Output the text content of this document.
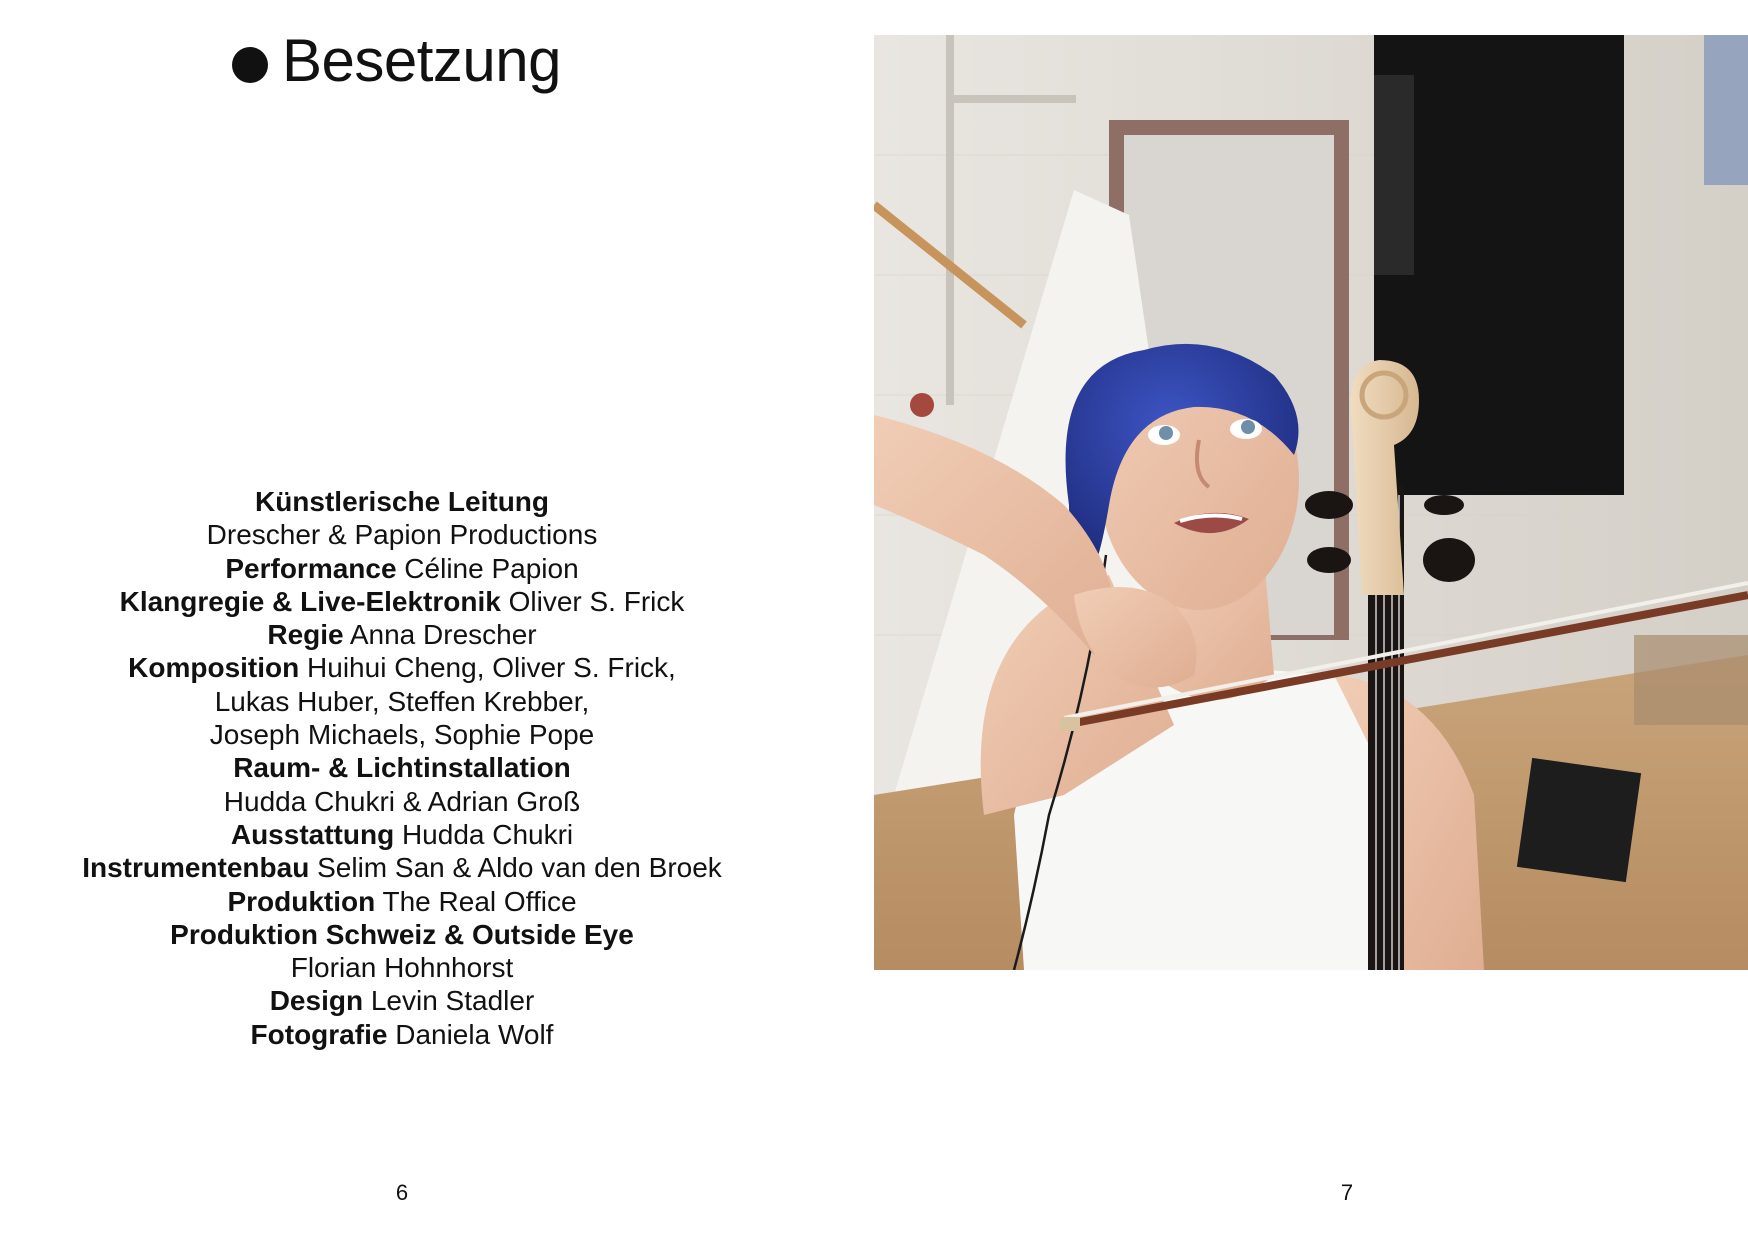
Besetzung
Künstlerische Leitung
Drescher & Papion Productions
Performance Céline Papion
Klangregie & Live-Elektronik Oliver S. Frick
Regie Anna Drescher
Komposition Huihui Cheng, Oliver S. Frick,
Lukas Huber, Steffen Krebber,
Joseph Michaels, Sophie Pope
Raum- & Lichtinstallation
Hudda Chukri & Adrian Groß
Ausstattung Hudda Chukri
Instrumentenbau Selim San & Aldo van den Broek
Produktion The Real Office
Produktion Schweiz & Outside Eye
Florian Hohnhorst
Design Levin Stadler
Fotografie Daniela Wolf
6	7
